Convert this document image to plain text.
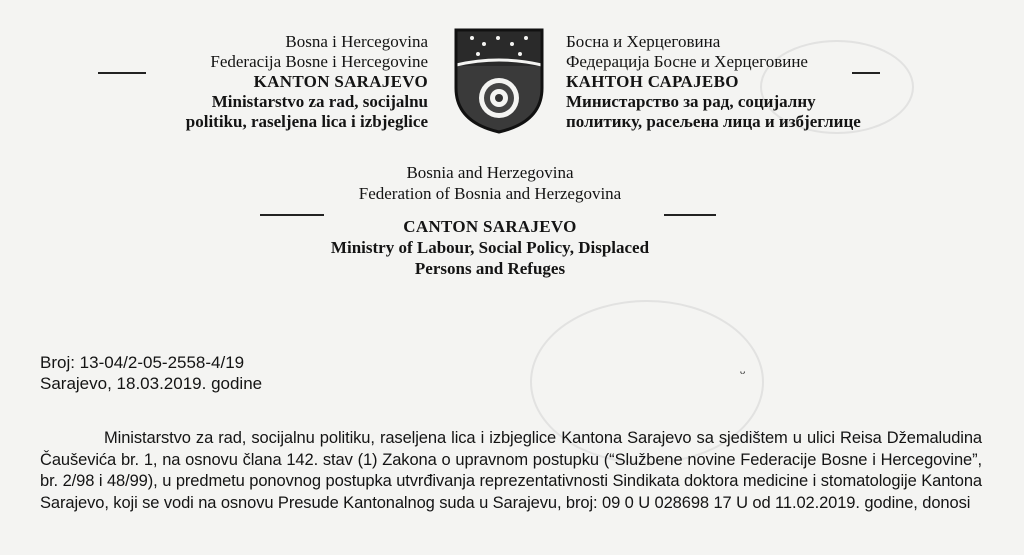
Bosna i Hercegovina
Federacija Bosne i Hercegovine
KANTON SARAJEVO
Ministarstvo za rad, socijalnu
politiku, raseljena lica i izbjeglice
Босна и Херцеговина
Федерација Босне и Херцеговине
КАНТОН САРАЈЕВО
Министарство за рад, социјалну
политику, расељена лица и избјеглице
Bosnia and Herzegovina
Federation of Bosnia and Herzegovina
CANTON SARAJEVO
Ministry of Labour, Social Policy, Displaced
Persons and Refuges
ᵕ
Broj: 13-04/2-05-2558-4/19
Sarajevo, 18.03.2019. godine
Ministarstvo za rad, socijalnu politiku, raseljena lica i izbjeglice Kantona Sarajevo sa sjedištem u ulici Reisa Džemaludina Čauševića br. 1, na osnovu člana 142. stav (1) Zakona o upravnom postupku (“Službene novine Federacije Bosne i Hercegovine”, br. 2/98 i 48/99), u predmetu ponovnog postupka utvrđivanja reprezentativnosti Sindikata doktora medicine i stomatologije Kantona Sarajevo, koji se vodi na osnovu Presude Kantonalnog suda u Sarajevu, broj: 09 0 U 028698 17 U od 11.02.2019. godine, donosi
